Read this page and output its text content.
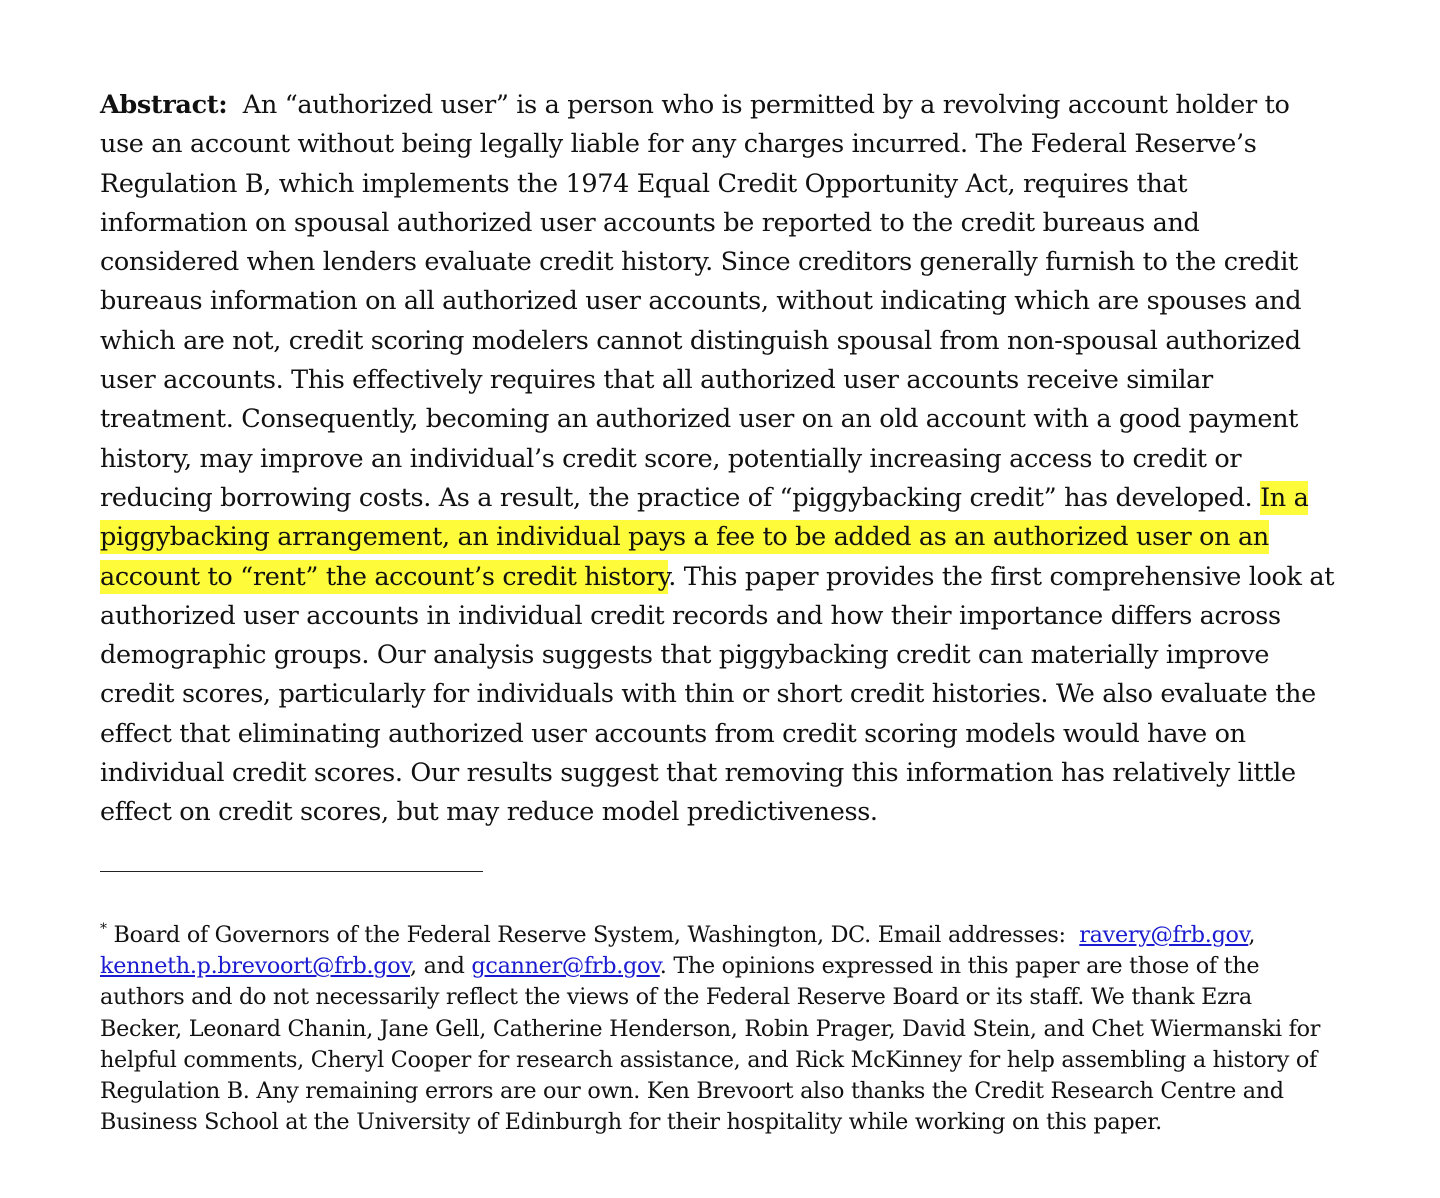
Abstract: An “authorized user” is a person who is permitted by a revolving account holder to use an account without being legally liable for any charges incurred. The Federal Reserve’s Regulation B, which implements the 1974 Equal Credit Opportunity Act, requires that information on spousal authorized user accounts be reported to the credit bureaus and considered when lenders evaluate credit history. Since creditors generally furnish to the credit bureaus information on all authorized user accounts, without indicating which are spouses and which are not, credit scoring modelers cannot distinguish spousal from non-spousal authorized user accounts. This effectively requires that all authorized user accounts receive similar treatment. Consequently, becoming an authorized user on an old account with a good payment history, may improve an individual’s credit score, potentially increasing access to credit or reducing borrowing costs. As a result, the practice of “piggybacking credit” has developed. In a piggybacking arrangement, an individual pays a fee to be added as an authorized user on an account to “rent” the account’s credit history. This paper provides the first comprehensive look at authorized user accounts in individual credit records and how their importance differs across demographic groups. Our analysis suggests that piggybacking credit can materially improve credit scores, particularly for individuals with thin or short credit histories. We also evaluate the effect that eliminating authorized user accounts from credit scoring models would have on individual credit scores. Our results suggest that removing this information has relatively little effect on credit scores, but may reduce model predictiveness.

* Board of Governors of the Federal Reserve System, Washington, DC. Email addresses: ravery@frb.gov, kenneth.p.brevoort@frb.gov, and gcanner@frb.gov. The opinions expressed in this paper are those of the authors and do not necessarily reflect the views of the Federal Reserve Board or its staff. We thank Ezra Becker, Leonard Chanin, Jane Gell, Catherine Henderson, Robin Prager, David Stein, and Chet Wiermanski for helpful comments, Cheryl Cooper for research assistance, and Rick McKinney for help assembling a history of Regulation B. Any remaining errors are our own. Ken Brevoort also thanks the Credit Research Centre and Business School at the University of Edinburgh for their hospitality while working on this paper.
